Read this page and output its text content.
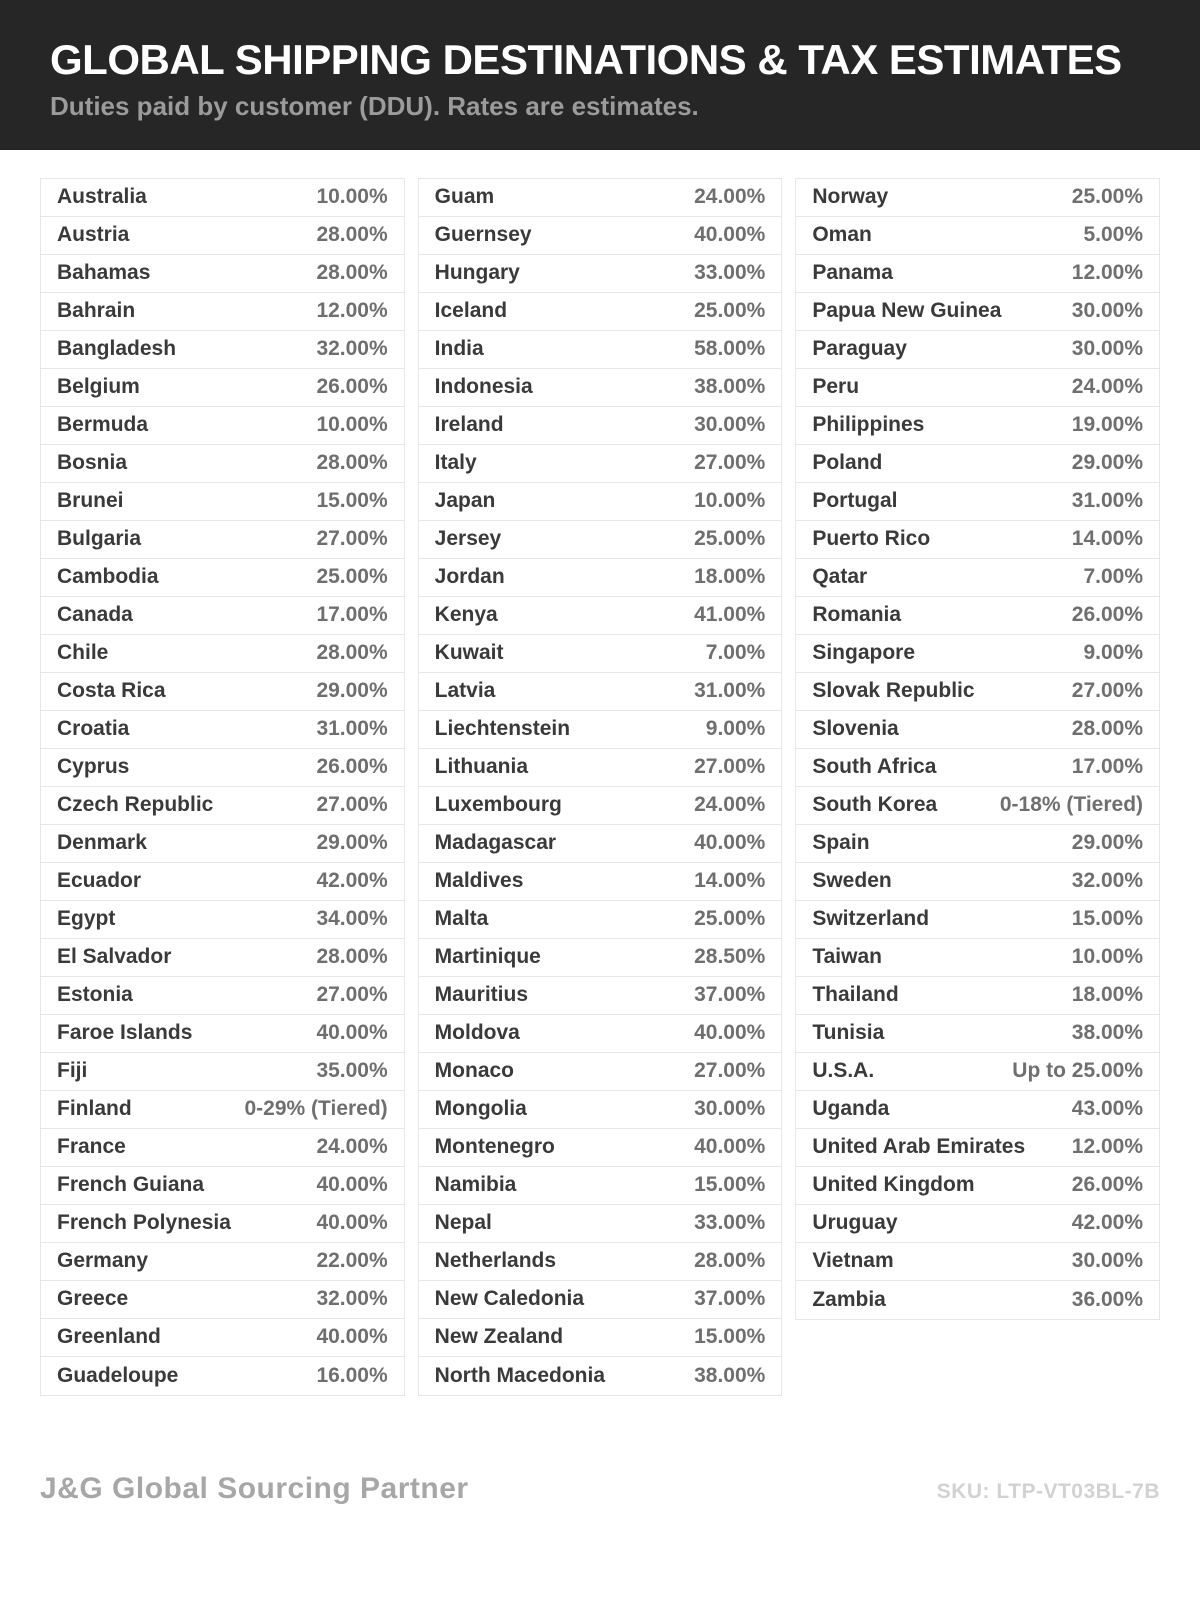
GLOBAL SHIPPING DESTINATIONS & TAX ESTIMATES
Duties paid by customer (DDU). Rates are estimates.
Australia	10.00%
Austria	28.00%
Bahamas	28.00%
Bahrain	12.00%
Bangladesh	32.00%
Belgium	26.00%
Bermuda	10.00%
Bosnia	28.00%
Brunei	15.00%
Bulgaria	27.00%
Cambodia	25.00%
Canada	17.00%
Chile	28.00%
Costa Rica	29.00%
Croatia	31.00%
Cyprus	26.00%
Czech Republic	27.00%
Denmark	29.00%
Ecuador	42.00%
Egypt	34.00%
El Salvador	28.00%
Estonia	27.00%
Faroe Islands	40.00%
Fiji	35.00%
Finland	0-29% (Tiered)
France	24.00%
French Guiana	40.00%
French Polynesia	40.00%
Germany	22.00%
Greece	32.00%
Greenland	40.00%
Guadeloupe	16.00%
Guam	24.00%
Guernsey	40.00%
Hungary	33.00%
Iceland	25.00%
India	58.00%
Indonesia	38.00%
Ireland	30.00%
Italy	27.00%
Japan	10.00%
Jersey	25.00%
Jordan	18.00%
Kenya	41.00%
Kuwait	7.00%
Latvia	31.00%
Liechtenstein	9.00%
Lithuania	27.00%
Luxembourg	24.00%
Madagascar	40.00%
Maldives	14.00%
Malta	25.00%
Martinique	28.50%
Mauritius	37.00%
Moldova	40.00%
Monaco	27.00%
Mongolia	30.00%
Montenegro	40.00%
Namibia	15.00%
Nepal	33.00%
Netherlands	28.00%
New Caledonia	37.00%
New Zealand	15.00%
North Macedonia	38.00%
Norway	25.00%
Oman	5.00%
Panama	12.00%
Papua New Guinea	30.00%
Paraguay	30.00%
Peru	24.00%
Philippines	19.00%
Poland	29.00%
Portugal	31.00%
Puerto Rico	14.00%
Qatar	7.00%
Romania	26.00%
Singapore	9.00%
Slovak Republic	27.00%
Slovenia	28.00%
South Africa	17.00%
South Korea	0-18% (Tiered)
Spain	29.00%
Sweden	32.00%
Switzerland	15.00%
Taiwan	10.00%
Thailand	18.00%
Tunisia	38.00%
U.S.A.	Up to 25.00%
Uganda	43.00%
United Arab Emirates 12.00%
United Kingdom	26.00%
Uruguay	42.00%
Vietnam	30.00%
Zambia	36.00%
J&G Global Sourcing Partner	SKU: LTP-VT03BL-7B
